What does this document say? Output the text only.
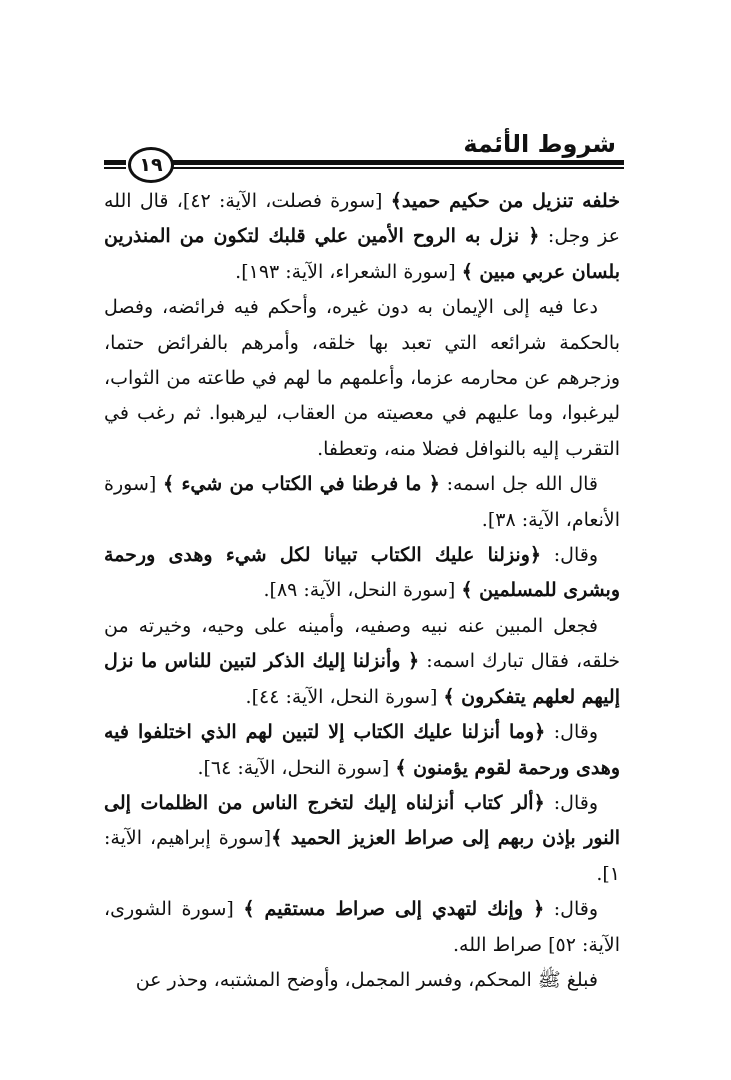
شروط الأئمة
١٩

خلفه تنزيل من حكيم حميد﴾ [سورة فصلت، الآية: ٤٢]، قال الله عز وجل: ﴿ نزل به الروح الأمين علي قلبك لتكون من المنذرين بلسان عربي مبين ﴾ [سورة الشعراء، الآية: ١٩٣].

دعا فيه إلى الإيمان به دون غيره، وأحكم فيه فرائضه، وفصل بالحكمة شرائعه التي تعبد بها خلقه، وأمرهم بالفرائض حتما، وزجرهم عن محارمه عزما، وأعلمهم ما لهم في طاعته من الثواب، ليرغبوا، وما عليهم في معصيته من العقاب، ليرهبوا. ثم رغب في التقرب إليه بالنوافل فضلا منه، وتعطفا.

قال الله جل اسمه: ﴿ ما فرطنا في الكتاب من شيء ﴾ [سورة الأنعام، الآية: ٣٨].

وقال: ﴿ونزلنا عليك الكتاب تبيانا لكل شيء وهدى ورحمة وبشرى للمسلمين ﴾ [سورة النحل، الآية: ٨٩].

فجعل المبين عنه نبيه وصفيه، وأمينه على وحيه، وخيرته من خلقه، فقال تبارك اسمه: ﴿ وأنزلنا إليك الذكر لتبين للناس ما نزل إليهم لعلهم يتفكرون ﴾ [سورة النحل، الآية: ٤٤].

وقال: ﴿وما أنزلنا عليك الكتاب إلا لتبين لهم الذي اختلفوا فيه وهدى ورحمة لقوم يؤمنون ﴾ [سورة النحل، الآية: ٦٤].

وقال: ﴿ألر كتاب أنزلناه إليك لتخرج الناس من الظلمات إلى النور بإذن ربهم إلى صراط العزيز الحميد ﴾[سورة إبراهيم، الآية: ١].

وقال: ﴿ وإنك لتهدي إلى صراط مستقيم ﴾ [سورة الشورى، الآية: ٥٢] صراط الله.

فبلغ ﷺ المحكم، وفسر المجمل، وأوضح المشتبه، وحذر عن
